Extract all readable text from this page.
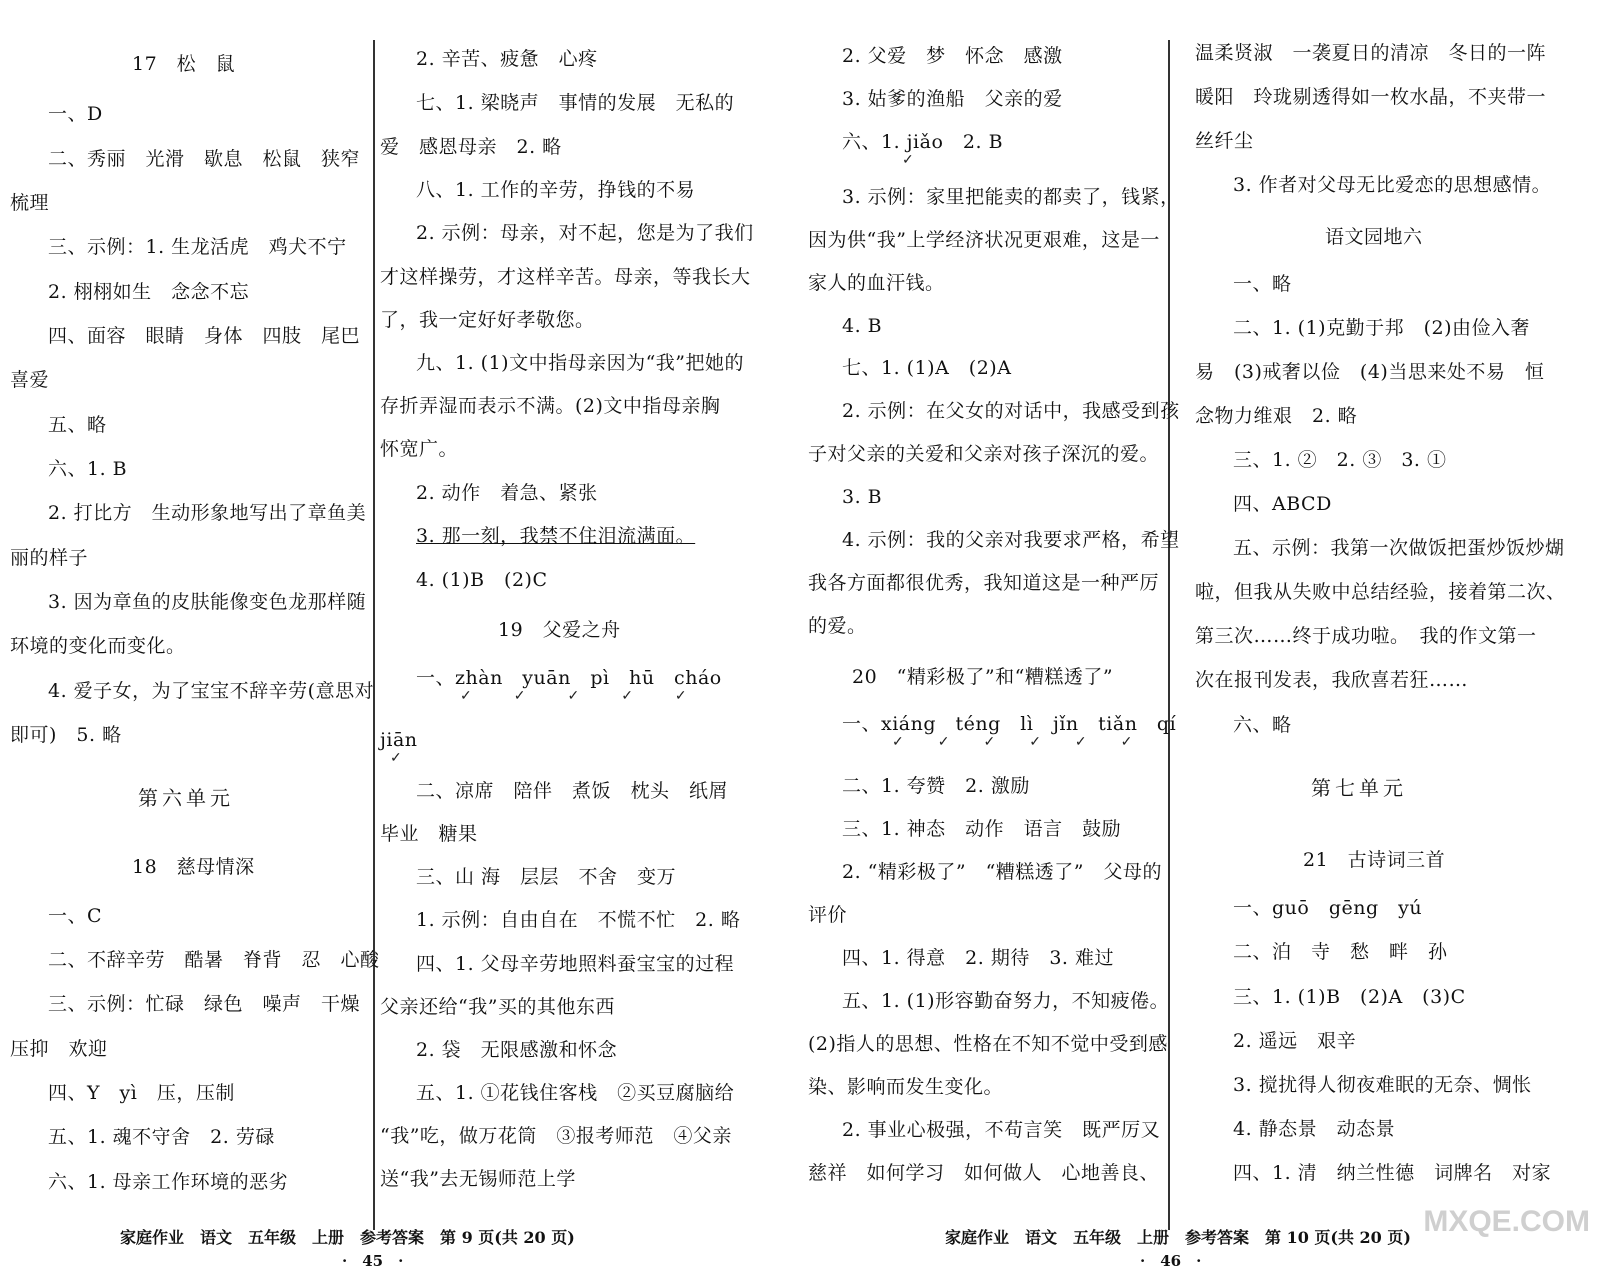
17　松　鼠
一、D
二、秀丽　光滑　歇息　松鼠　狭窄
梳理
三、示例：1. 生龙活虎　鸡犬不宁
2. 栩栩如生　念念不忘
四、面容　眼睛　身体　四肢　尾巴
喜爱
五、略
六、1. B
2. 打比方　生动形象地写出了章鱼美
丽的样子
3. 因为章鱼的皮肤能像变色龙那样随
环境的变化而变化。
4. 爱子女，为了宝宝不辞辛劳(意思对
即可)　5. 略
第六单元
18　慈母情深
一、C
二、不辞辛劳　酷暑　脊背　忍　心酸
三、示例：忙碌　绿色　噪声　干燥
压抑　欢迎
四、Y　yì　压，压制
五、1. 魂不守舍　2. 劳碌
六、1. 母亲工作环境的恶劣
2. 辛苦、疲惫　心疼
七、1. 梁晓声　事情的发展　无私的
爱　感恩母亲　2. 略
八、1. 工作的辛劳，挣钱的不易
2. 示例：母亲，对不起，您是为了我们
才这样操劳，才这样辛苦。母亲，等我长大
了，我一定好好孝敬您。
九、1. (1)文中指母亲因为“我”把她的
存折弄湿而表示不满。(2)文中指母亲胸
怀宽广。
2. 动作　着急、紧张
3. 那一刻，我禁不住泪流满面。
4. (1)B　(2)C
19　父爱之舟
一、zhàn　yuān　pì　hū　cháo
✓✓✓✓✓
jiān
✓
二、凉席　陪伴　煮饭　枕头　纸屑
毕业　糖果
三、山 海　层层　不舍　变万
1. 示例：自由自在　不慌不忙　2. 略
四、1. 父母辛劳地照料蚕宝宝的过程
父亲还给“我”买的其他东西
2. 袋　无限感激和怀念
五、1. ①花钱住客栈　②买豆腐脑给
“我”吃，做万花筒　③报考师范　④父亲
送“我”去无锡师范上学
2. 父爱　梦　怀念　感激
3. 姑爹的渔船　父亲的爱
六、1. jiǎo　2. B
✓
3. 示例：家里把能卖的都卖了，钱紧，
因为供“我”上学经济状况更艰难，这是一
家人的血汗钱。
4. B
七、1. (1)A　(2)A
2. 示例：在父女的对话中，我感受到孩
子对父亲的关爱和父亲对孩子深沉的爱。
3. B
4. 示例：我的父亲对我要求严格，希望
我各方面都很优秀，我知道这是一种严厉
的爱。
20　“精彩极了”和“糟糕透了”
一、xiáng　téng　lì　jǐn　tiǎn　qí
✓✓✓✓✓✓
二、1. 夸赞　2. 激励
三、1. 神态　动作　语言　鼓励
2. “精彩极了”　“糟糕透了”　父母的
评价
四、1. 得意　2. 期待　3. 难过
五、1. (1)形容勤奋努力，不知疲倦。
(2)指人的思想、性格在不知不觉中受到感
染、影响而发生变化。
2. 事业心极强，不苟言笑　既严厉又
慈祥　如何学习　如何做人　心地善良、
温柔贤淑　一袭夏日的清凉　冬日的一阵
暖阳　玲珑剔透得如一枚水晶，不夹带一
丝纤尘
3. 作者对父母无比爱恋的思想感情。
语文园地六
一、略
二、1. (1)克勤于邦　(2)由俭入奢
易　(3)戒奢以俭　(4)当思来处不易　恒
念物力维艰　2. 略
三、1. ②　2. ③　3. ①
四、ABCD
五、示例：我第一次做饭把蛋炒饭炒煳
啦，但我从失败中总结经验，接着第二次、
第三次……终于成功啦。　我的作文第一
次在报刊发表，我欣喜若狂……
六、略
第七单元
21　古诗词三首
一、guō　gēng　yú
二、泊　寺　愁　畔　孙
三、1. (1)B　(2)A　(3)C
2. 遥远　艰辛
3. 搅扰得人彻夜难眠的无奈、惆怅
4. 静态景　动态景
四、1. 清　纳兰性德　词牌名　对家
家庭作业　语文　五年级　上册　参考答案　第 9 页(共 20 页)	家庭作业　语文　五年级　上册　参考答案　第 10 页(共 20 页)
·　45　·	·　46　·
MXQE.COM
